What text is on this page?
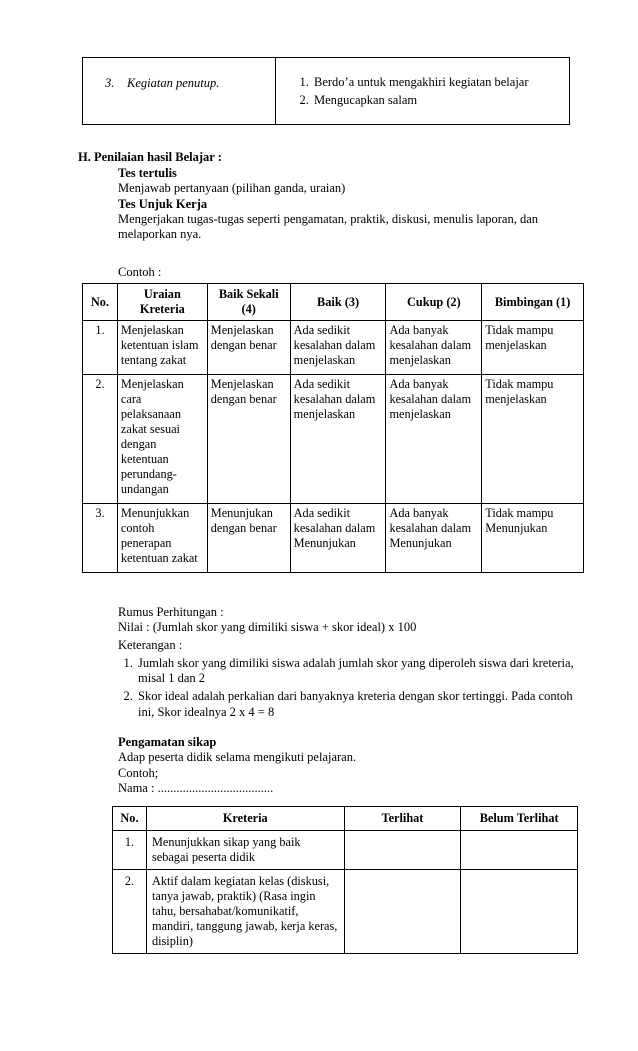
3. Kegiatan penutup.	
1.Berdo’a untuk mengakhiri kegiatan belajar
2. Mengucapkan salam
H. Penilaian hasil Belajar :
Tes tertulis
Menjawab pertanyaan (pilihan ganda, uraian)
Tes Unjuk Kerja
Mengerjakan tugas-tugas seperti pengamatan, praktik, diskusi, menulis laporan, dan melaporkan nya.
Contoh :
No.	Uraian Kreteria	Baik Sekali (4)	Baik (3)	Cukup (2)	Bimbingan (1)
1.	Menjelaskan ketentuan islam tentang zakat	Menjelaskan dengan benar	Ada sedikit kesalahan dalam menjelaskan	Ada banyak kesalahan dalam menjelaskan	Tidak mampu menjelaskan
2.	Menjelaskan cara pelaksanaan zakat sesuai dengan ketentuan perundang-undangan	Menjelaskan dengan benar	Ada sedikit kesalahan dalam menjelaskan	Ada banyak kesalahan dalam menjelaskan	Tidak mampu menjelaskan
3.	Menunjukkan contoh penerapan ketentuan zakat	Menunjukan dengan benar	Ada sedikit kesalahan dalam Menunjukan	Ada banyak kesalahan dalam Menunjukan	Tidak mampu Menunjukan
Rumus Perhitungan :
Nilai : (Jumlah skor yang dimiliki siswa + skor ideal) x 100
Keterangan :
1. Jumlah skor yang dimiliki siswa adalah jumlah skor yang diperoleh siswa dari kreteria, misal 1 dan 2
2. Skor ideal adalah perkalian dari banyaknya kreteria dengan skor tertinggi. Pada contoh ini, Skor idealnya 2 x 4 = 8
Pengamatan sikap
Adap peserta didik selama mengikuti pelajaran.
Contoh;
Nama : .....................................
No.	Kreteria	Terlihat	Belum Terlihat
1.	Menunjukkan sikap yang baik sebagai peserta didik		
2.	Aktif dalam kegiatan kelas (diskusi, tanya jawab, praktik) (Rasa ingin tahu, bersahabat/komunikatif, mandiri, tanggung jawab, kerja keras, disiplin)		
